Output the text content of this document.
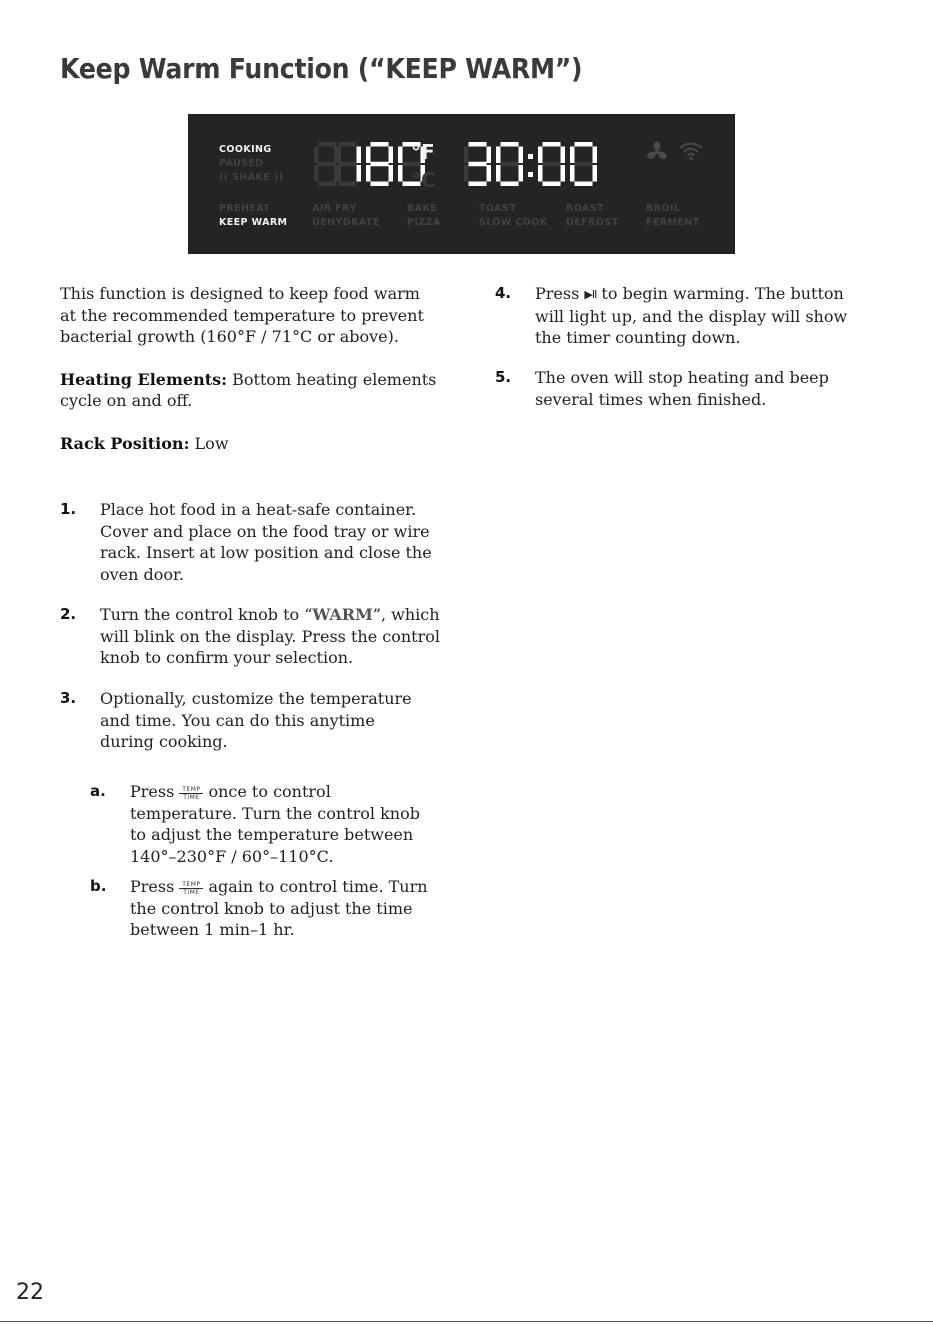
Keep Warm Function (“KEEP WARM”)
COOKING
PAUSED
(( SHAKE ))
°F
°C
PREHEAT
KEEP WARM
AIR FRY
DEHYDRATE
BAKE
PIZZA
TOAST
SLOW COOK
ROAST
DEFROST
BROIL
FERMENT

This function is designed to keep food warm at the recommended temperature to prevent bacterial growth (160°F / 71°C or above).

Heating Elements: Bottom heating elements cycle on and off.

Rack Position: Low

1. Place hot food in a heat-safe container. Cover and place on the food tray or wire rack. Insert at low position and close the oven door.
2. Turn the control knob to “WARM”, which will blink on the display. Press the control knob to confirm your selection.
3. Optionally, customize the temperature and time. You can do this anytime during cooking.
a. Press TEMP
TIME once to control temperature. Turn the control knob to adjust the temperature between 140°–230°F / 60°–110°C.
b. Press TEMP
TIME again to control time. Turn the control knob to adjust the time between 1 min–1 hr.
4. Press ▶II to begin warming. The button will light up, and the display will show the timer counting down.
5. The oven will stop heating and beep several times when finished.
22
